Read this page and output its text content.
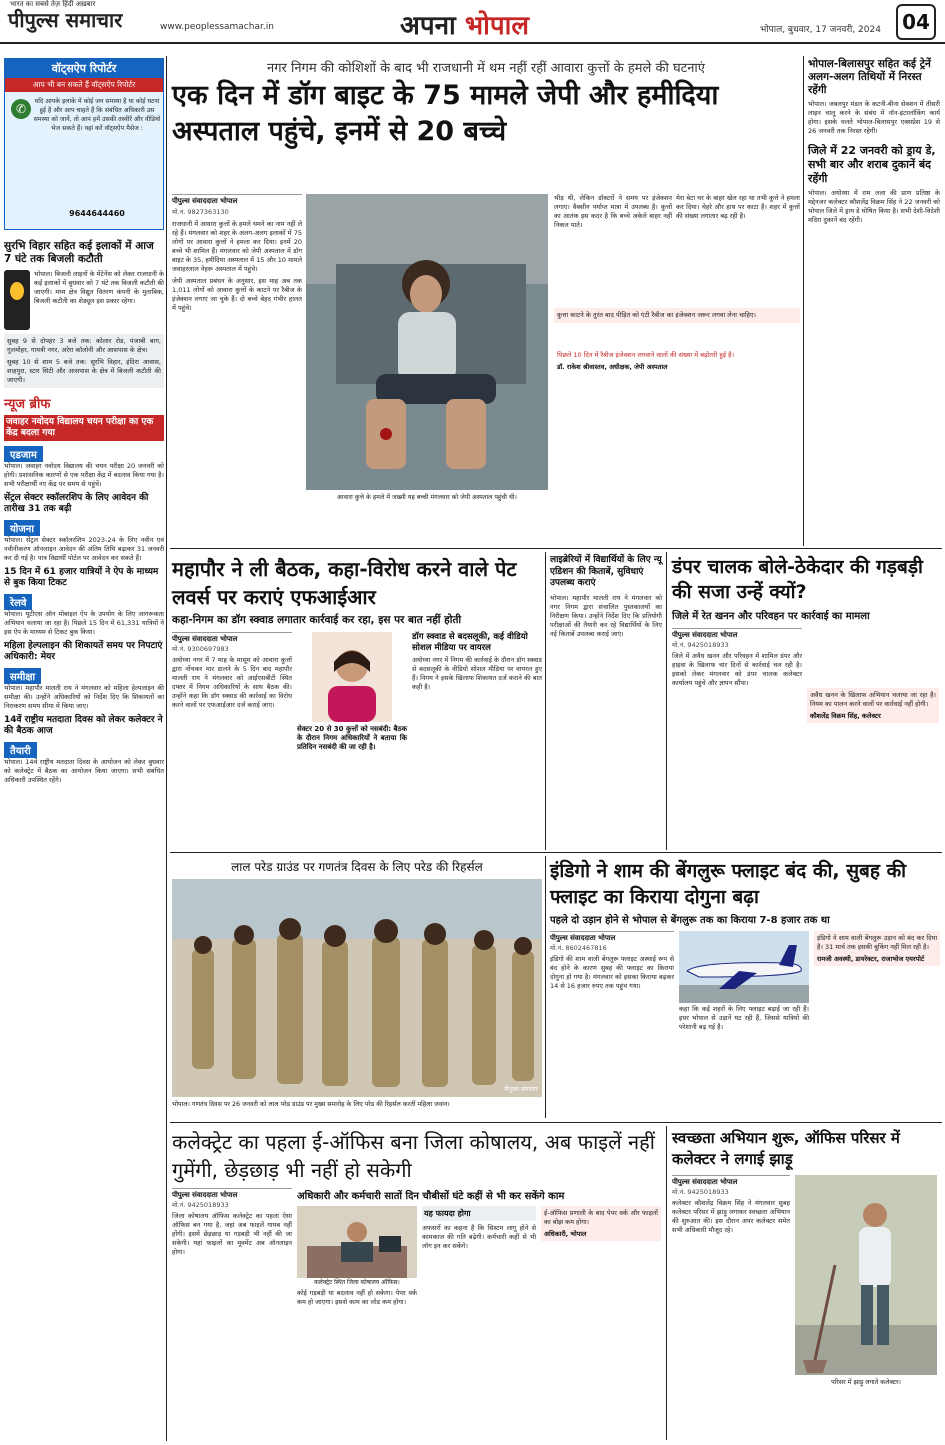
भारत का सबसे तेज़ हिंदी अख़बार
पीपुल्स समाचार	www.peoplessamachar.in	अपना भोपाल	भोपाल, बुधवार, 17 जनवरी, 2024	04
वॉट्सऐप रिपोर्टर
आप भी बन सकते हैं वॉट्सऐप रिपोर्टर
✆
यदि आपके इलाके में कोई जन समस्या है या कोई घटना हुई है और आप चाहते हैं कि संबंधित अधिकारी उस समस्या को जानें, तो आप हमें उसकी तस्वीरें और वीडियो भेज सकते हैं। वहां करें वॉट्सऐप मैसेज :
9644644460
सुरभि विहार सहित कई इलाकों में आज 7 घंटे तक बिजली कटौती
भोपाल। बिजली लाइनों के मेंटेनेंस को लेकर राजधानी के कई इलाकों में बुधवार को 7 घंटे तक बिजली कटौती की जाएगी। मध्य क्षेत्र विद्युत वितरण कंपनी के मुताबिक, बिजली कटौती का शेड्यूल इस प्रकार रहेगा।
सुबह 9 से दोपहर 3 बजे तक: कोलार रोड, पंजाबी बाग, गुलमोहर, गायत्री नगर, अरेरा कॉलोनी और आसपास के क्षेत्र।
सुबह 10 से शाम 5 बजे तक: सुरभि विहार, इंदिरा आवास, शाहपुरा, स्टार सिटी और आसपास के क्षेत्र में बिजली कटौती की जाएगी।
न्यूज ब्रीफ
जवाहर नवोदय विद्यालय चयन परीक्षा का एक केंद्र बदला गया
एडजाम
भोपाल। जवाहर नवोदय विद्यालय की चयन परीक्षा 20 जनवरी को होगी। प्रशासनिक कारणों से एक परीक्षा केंद्र में बदलाव किया गया है। सभी परीक्षार्थी नए केंद्र पर समय से पहुंचें।
सेंट्रल सेक्टर स्कॉलरशिप के लिए आवेदन की तारीख 31 तक बढ़ी
योजना
भोपाल। सेंट्रल सेक्टर स्कॉलरशिप 2023-24 के लिए नवीन एवं नवीनीकरण ऑनलाइन आवेदन की अंतिम तिथि बढ़ाकर 31 जनवरी कर दी गई है। पात्र विद्यार्थी पोर्टल पर आवेदन कर सकते हैं।
15 दिन में 61 हजार यात्रियों ने ऐप के माध्यम से बुक किया टिकट
रेलवे
भोपाल। यूटीएस ऑन मोबाइल ऐप के उपयोग के लिए जागरूकता अभियान चलाया जा रहा है। पिछले 15 दिन में 61,331 यात्रियों ने इस ऐप के माध्यम से टिकट बुक किया।
महिला हेल्पलाइन की शिकायतें समय पर निपटाएं अधिकारी: मेयर
समीक्षा
भोपाल। महापौर मालती राय ने मंगलवार को महिला हेल्पलाइन की समीक्षा की। उन्होंने अधिकारियों को निर्देश दिए कि शिकायतों का निराकरण समय सीमा में किया जाए।
14वें राष्ट्रीय मतदाता दिवस को लेकर कलेक्टर ने की बैठक आज
तैयारी
भोपाल। 14वें राष्ट्रीय मतदाता दिवस के आयोजन को लेकर बुधवार को कलेक्ट्रेट में बैठक का आयोजन किया जाएगा। सभी संबंधित अधिकारी उपस्थित रहेंगे।
नगर निगम की कोशिशों के बाद भी राजधानी में थम नहीं रहीं आवारा कुत्तों के हमले की घटनाएं
एक दिन में डॉग बाइट के 75 मामले जेपी और हमीदिया अस्पताल पहुंचे, इनमें से 20 बच्चे
पीपुल्स संवाददाता भोपाल
मो.नं. 9827363130
राजधानी में आवारा कुत्तों के हमले थमने का नाम नहीं ले रहे हैं। मंगलवार को शहर के अलग-अलग इलाकों में 75 लोगों पर आवारा कुत्तों ने हमला कर दिया। इनमें 20 बच्चे भी शामिल हैं। मंगलवार को जेपी अस्पताल में डॉग बाइट के 35, हमीदिया अस्पताल में 15 और 10 मामले जवाहरलाल नेहरू अस्पताल में पहुंचे।
जेपी अस्पताल प्रबंधन के अनुसार, इस माह अब तक 1,011 लोगों को आवारा कुत्तों के काटने पर रैबीज के इंजेक्शन लगाए जा चुके हैं। दो बच्चे बेहद गंभीर हालत में पहुंचे।
आवारा कुत्ते के हमले में जख्मी यह बच्ची मंगलवार को जेपी अस्पताल पहुंची थी।
भीड़ थी, लेकिन डॉक्टरों ने समय पर इंजेक्शन लगाए। वैक्सीन पर्याप्त मात्रा में उपलब्ध है। कुत्तों का आतंक इस कदर है कि बच्चे अकेले बाहर नहीं निकल पाते।
मेरा बेटा घर के बाहर खेल रहा था तभी कुत्ते ने हमला कर दिया। चेहरे और हाथ पर काटा है। शहर में कुत्तों की संख्या लगातार बढ़ रही है।
कुत्ता काटने के तुरंत बाद पीड़ित को एंटी रैबीज का इंजेक्शन जरूर लगवा लेना चाहिए।
पिछले 10 दिन में रैबीज इंजेक्शन लगवाने वालों की संख्या में बढ़ोतरी हुई है।
डॉ. राकेश श्रीवास्तव, अधीक्षक, जेपी अस्पताल
भोपाल-बिलासपुर सहित कई ट्रेनें अलग-अलग तिथियों में निरस्त रहेंगी
भोपाल। जबलपुर मंडल के कटनी-बीना सेक्शन में तीसरी लाइन चालू करने के संबंध में नॉन-इंटरलॉकिंग कार्य होगा। इसके चलते भोपाल-बिलासपुर एक्सप्रेस 19 से 26 जनवरी तक निरस्त रहेगी।
जिले में 22 जनवरी को ड्राय डे, सभी बार और शराब दुकानें बंद रहेंगी
भोपाल। अयोध्या में राम लला की प्राण प्रतिष्ठा के मद्देनजर कलेक्टर कौशलेंद्र विक्रम सिंह ने 22 जनवरी को भोपाल जिले में ड्राय डे घोषित किया है। सभी देशी-विदेशी मदिरा दुकानें बंद रहेंगी।
महापौर ने ली बैठक, कहा-विरोध करने वाले पेट लवर्स पर कराएं एफआईआर
कहा-निगम का डॉग स्क्वाड लगातार कार्रवाई कर रहा, इस पर बात नहीं होती
पीपुल्स संवाददाता भोपाल
मो.नं. 9300697983
अयोध्या नगर में 7 माह के मासूम को आवारा कुत्तों द्वारा नोंचकर मार डालने के 5 दिन बाद महापौर मालती राय ने मंगलवार को आईएसबीटी स्थित दफ्तर में निगम अधिकारियों के साथ बैठक की। उन्होंने कहा कि डॉग स्क्वाड की कार्रवाई का विरोध करने वालों पर एफआईआर दर्ज कराई जाए।
सेक्टर 20 से 30 कुत्तों को नसबंदी: बैठक के दौरान निगम अधिकारियों ने बताया कि प्रतिदिन नसबंदी की जा रही है।
डॉग स्क्वाड से बदसलूकी, कई वीडियो सोशल मीडिया पर वायरल
अयोध्या नगर में निगम की कार्रवाई के दौरान डॉग स्क्वाड से बदसलूकी के वीडियो सोशल मीडिया पर वायरल हुए हैं। निगम ने इसके खिलाफ शिकायत दर्ज कराने की बात कही है।
लाइब्रेरियों में विद्यार्थियों के लिए न्यू एडिशन की किताबें, सुविधाएं उपलब्ध कराएं
भोपाल। महापौर मालती राय ने मंगलवार को नगर निगम द्वारा संचालित पुस्तकालयों का निरीक्षण किया। उन्होंने निर्देश दिए कि प्रतियोगी परीक्षाओं की तैयारी कर रहे विद्यार्थियों के लिए नई किताबें उपलब्ध कराई जाएं।
डंपर चालक बोले-ठेकेदार की गड़बड़ी की सजा उन्हें क्यों?
जिले में रेत खनन और परिवहन पर कार्रवाई का मामला
पीपुल्स संवाददाता भोपाल
मो.नं. 9425018933
जिले में अवैध खनन और परिवहन में शामिल डंपर और हाइवा के खिलाफ चार दिनों से कार्रवाई चल रही है। इसको लेकर मंगलवार को डंपर चालक कलेक्टर कार्यालय पहुंचे और ज्ञापन सौंपा।
अवैध खनन के खिलाफ अभियान चलाया जा रहा है। नियम का पालन करने वालों पर कार्रवाई नहीं होगी।
कौशलेंद्र विक्रम सिंह, कलेक्टर
लाल परेड ग्राउंड पर गणतंत्र दिवस के लिए परेड की रिहर्सल
पीपुल्स समाचार
भोपाल। गणतंत्र दिवस पर 26 जनवरी को लाल परेड ग्राउंड पर मुख्य समारोह के लिए परेड की रिहर्सल करतीं महिला जवान।
इंडिगो ने शाम की बेंगलुरू फ्लाइट बंद की, सुबह की फ्लाइट का किराया दोगुना बढ़ा
पहले दो उड़ान होने से भोपाल से बेंगलुरू तक का किराया 7-8 हजार तक था
पीपुल्स संवाददाता भोपाल
मो.नं. 8602467816
इंडिगो की शाम वाली बेंगलुरू फ्लाइट अस्थाई रूप से बंद होने के कारण सुबह की फ्लाइट का किराया दोगुना हो गया है। मंगलवार को इसका किराया बढ़कर 14 से 16 हजार रुपए तक पहुंच गया।
कहा कि कई शहरों के लिए फ्लाइट बढ़ाई जा रही हैं। इधर भोपाल से उड़ानें घट रही हैं, जिससे यात्रियों की परेशानी बढ़ गई है।
इंडिगो ने शाम वाली बेंगलुरू उड़ान को बंद कर दिया है। 31 मार्च तक इसकी बुकिंग नहीं मिल रही है।
रामजी अवस्थी, डायरेक्टर, राजाभोज एयरपोर्ट
कलेक्ट्रेट का पहला ई-ऑफिस बना जिला कोषालय, अब फाइलें नहीं गुमेंगी, छेड़छाड़ भी नहीं हो सकेगी
पीपुल्स संवाददाता भोपाल
मो.नं. 9425018933
जिला कोषालय ऑफिस कलेक्ट्रेट का पहला ऐसा ऑफिस बन गया है, जहां अब फाइलें गायब नहीं होंगी। इसमें छेड़छाड़ या गड़बड़ी भी नहीं की जा सकेगी। यहां फाइलों का मूवमेंट अब ऑनलाइन होगा।
अधिकारी और कर्मचारी सातों दिन चौबीसों घंटे कहीं से भी कर सकेंगे काम
कलेक्ट्रेट स्थित जिला कोषालय ऑफिस।
कोई गड़बड़ी या बदलाव नहीं हो सकेगा। पेपर वर्क कम हो जाएगा। इससे काम का लोड कम होगा।
यह फायदा होगा
अफसरों का कहना है कि सिस्टम लागू होने से कामकाज की गति बढ़ेगी। कर्मचारी कहीं से भी लॉग इन कर सकेंगे।
ई-ऑफिस प्रणाली के बाद पेपर वर्क और फाइलों का बोझ कम होगा।
अधिकारी, भोपाल
स्वच्छता अभियान शुरू, ऑफिस परिसर में कलेक्टर ने लगाई झाड़ू
पीपुल्स संवाददाता भोपाल
मो.नं. 9425018933
कलेक्टर कौशलेंद्र विक्रम सिंह ने मंगलवार सुबह कलेक्टर परिसर में झाड़ू लगाकर स्वच्छता अभियान की शुरुआत की। इस दौरान अपर कलेक्टर समेत सभी अधिकारी मौजूद रहे।
परिसर में झाड़ू लगाते कलेक्टर।
